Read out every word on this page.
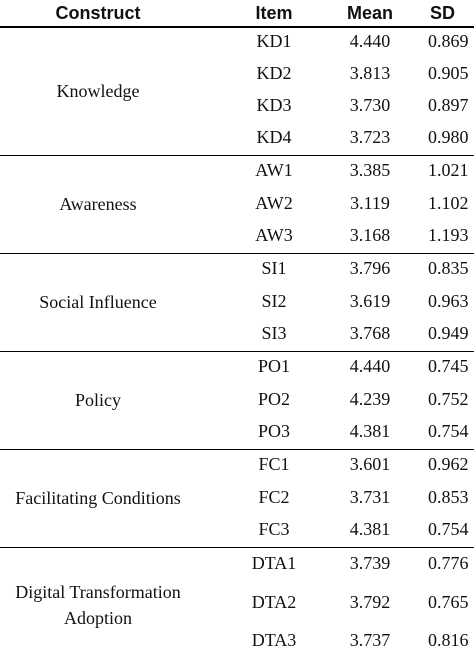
Construct	Item	Mean	SD
Knowledge
KD1	4.440	0.869
KD2	3.813	0.905
KD3	3.730	0.897
KD4	3.723	0.980
Awareness
AW1	3.385	1.021
AW2	3.119	1.102
AW3	3.168	1.193
Social Influence
SI1	3.796	0.835
SI2	3.619	0.963
SI3	3.768	0.949
Policy
PO1	4.440	0.745
PO2	4.239	0.752
PO3	4.381	0.754
Facilitating Conditions
FC1	3.601	0.962
FC2	3.731	0.853
FC3	4.381	0.754
Digital Transformation Adoption
DTA1	3.739	0.776
DTA2	3.792	0.765
DTA3	3.737	0.816
